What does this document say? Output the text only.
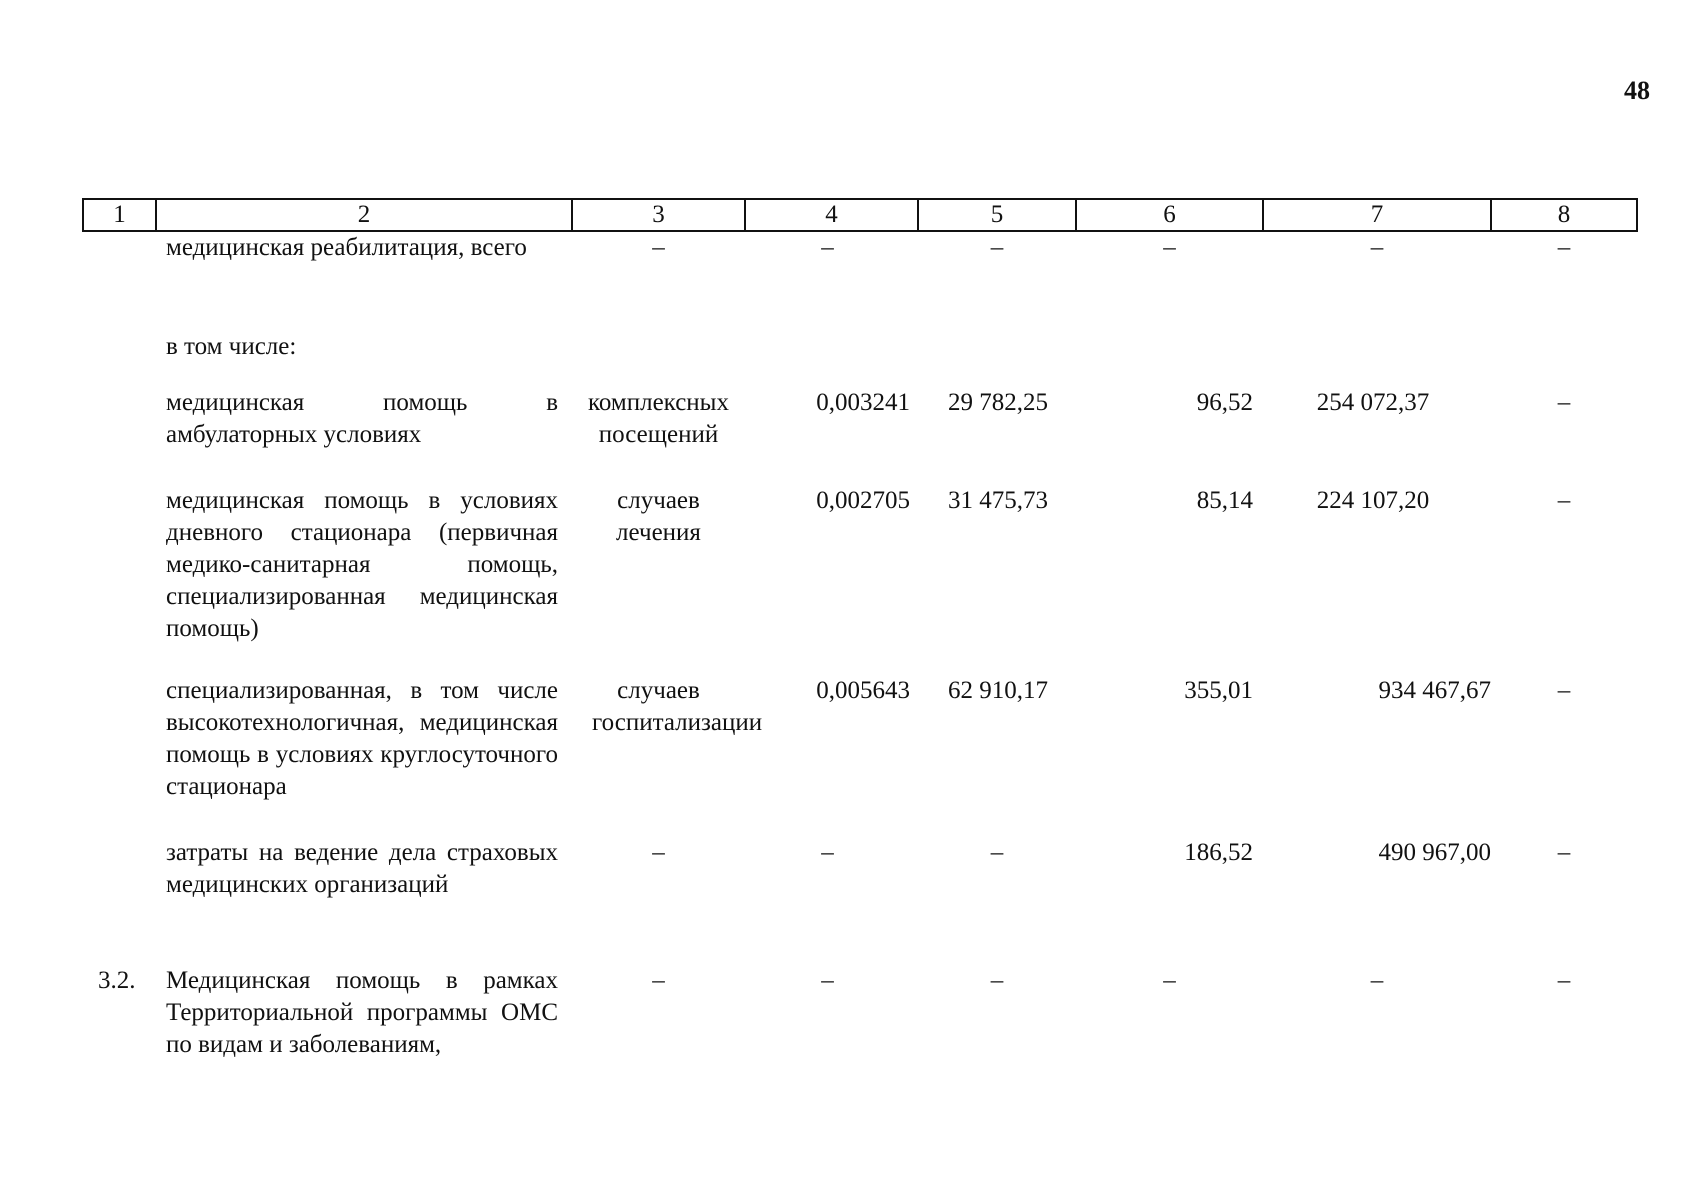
48
1	2	3	4	5	6	7	8
	медицинская реабилитация, всего	–	–	–	–	–	–
	в том числе:						
	медицинская помощь в амбулаторных условиях	комплексных посещений	0,003241	29 782,25	96,52	254 072,37	–
	медицинская помощь в условиях дневного стационара (первичная медико-санитарная помощь, специализированная медицинская помощь)	случаев лечения	0,002705	31 475,73	85,14	224 107,20	–
	специализированная, в том числе высокотехнологичная, медицинская помощь в условиях круглосуточного стационара	случаев госпитализации	0,005643	62 910,17	355,01	934 467,67	–
	затраты на ведение дела страховых медицинских организаций	–	–	–	186,52	490 967,00	–
3.2.	Медицинская помощь в рамках Территориальной программы ОМС по видам и заболеваниям,	–	–	–	–	–	–
